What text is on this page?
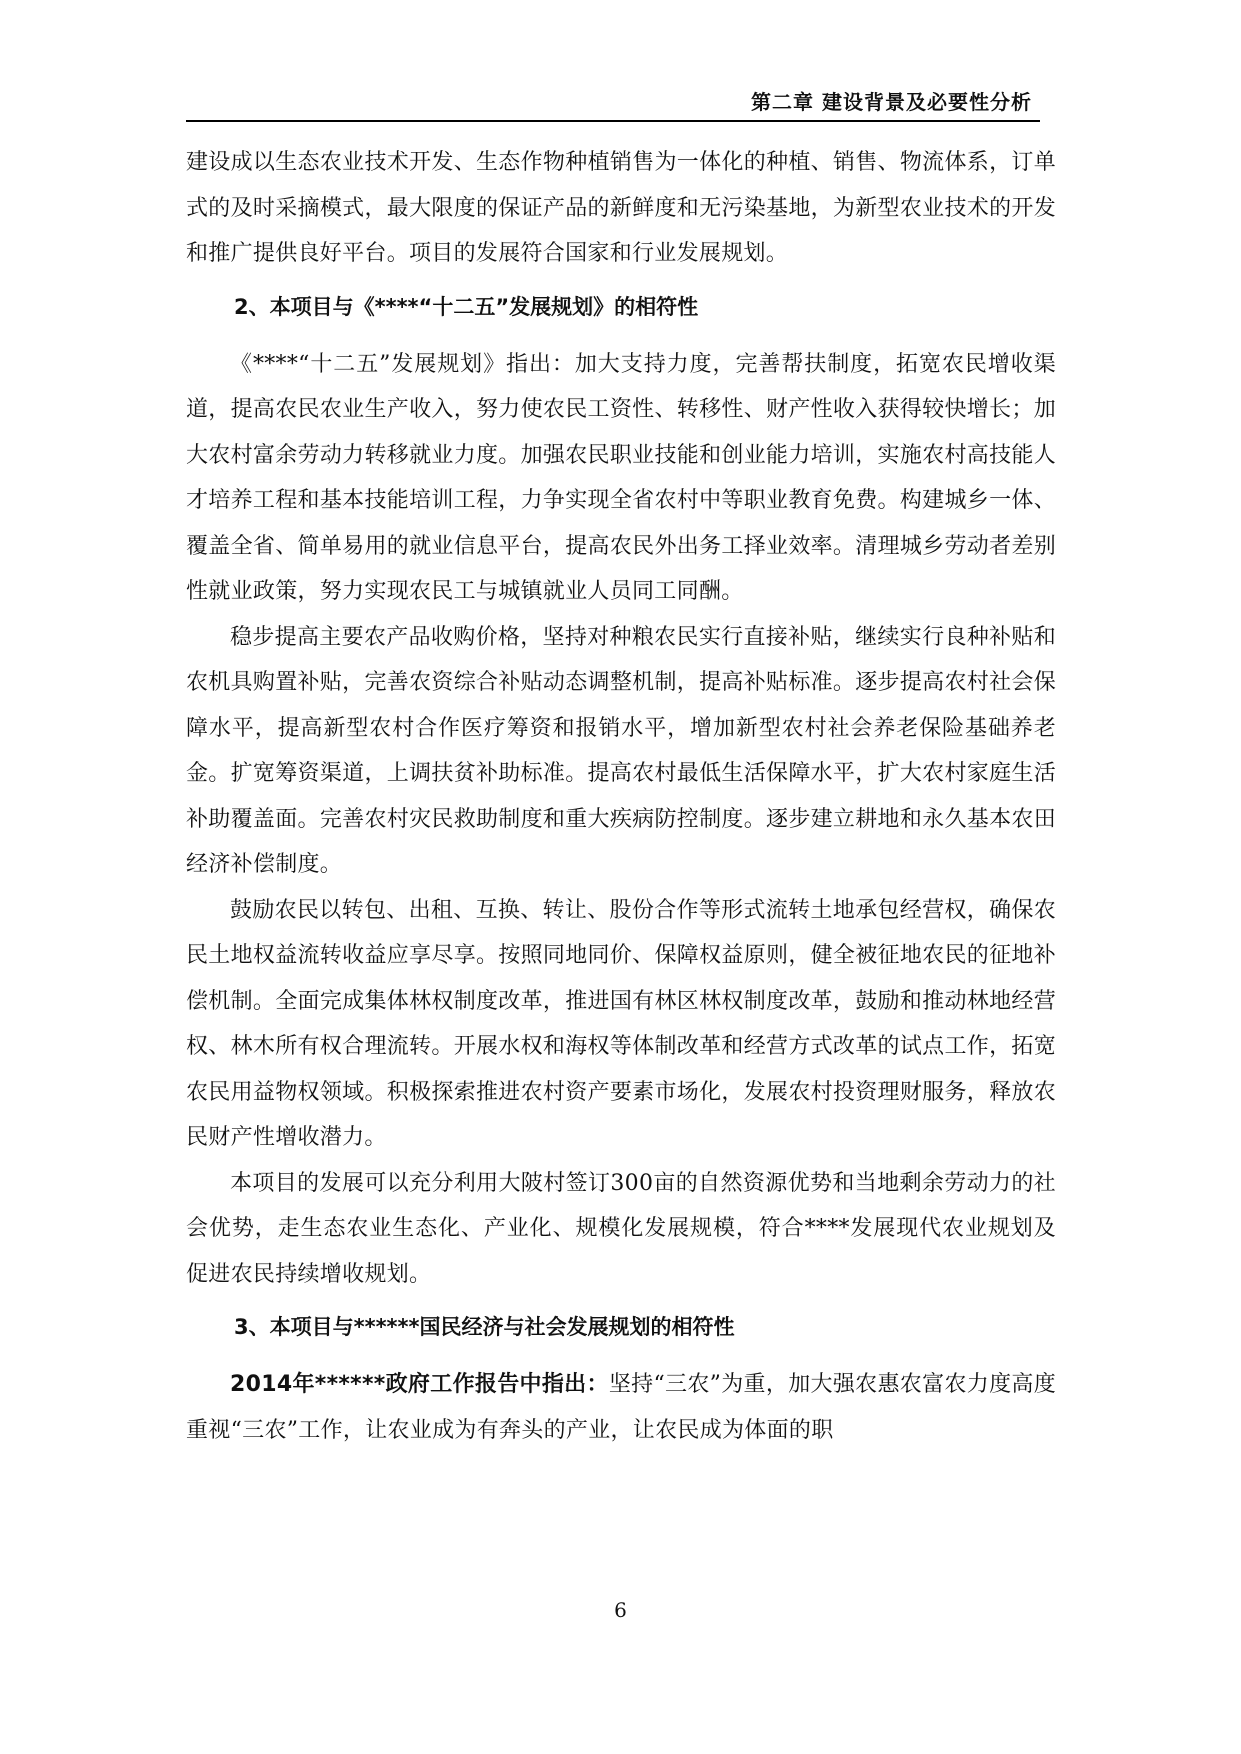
第二章 建设背景及必要性分析

建设成以生态农业技术开发、生态作物种植销售为一体化的种植、销售、物流体系，订单式的及时采摘模式，最大限度的保证产品的新鲜度和无污染基地，为新型农业技术的开发和推广提供良好平台。项目的发展符合国家和行业发展规划。

2、本项目与《****“十二五”发展规划》的相符性

《****“十二五”发展规划》指出：加大支持力度，完善帮扶制度，拓宽农民增收渠道，提高农民农业生产收入，努力使农民工资性、转移性、财产性收入获得较快增长；加大农村富余劳动力转移就业力度。加强农民职业技能和创业能力培训，实施农村高技能人才培养工程和基本技能培训工程，力争实现全省农村中等职业教育免费。构建城乡一体、覆盖全省、简单易用的就业信息平台，提高农民外出务工择业效率。清理城乡劳动者差别性就业政策，努力实现农民工与城镇就业人员同工同酬。

稳步提高主要农产品收购价格，坚持对种粮农民实行直接补贴，继续实行良种补贴和农机具购置补贴，完善农资综合补贴动态调整机制，提高补贴标准。逐步提高农村社会保障水平，提高新型农村合作医疗筹资和报销水平，增加新型农村社会养老保险基础养老金。扩宽筹资渠道，上调扶贫补助标准。提高农村最低生活保障水平，扩大农村家庭生活补助覆盖面。完善农村灾民救助制度和重大疾病防控制度。逐步建立耕地和永久基本农田经济补偿制度。

鼓励农民以转包、出租、互换、转让、股份合作等形式流转土地承包经营权，确保农民土地权益流转收益应享尽享。按照同地同价、保障权益原则，健全被征地农民的征地补偿机制。全面完成集体林权制度改革，推进国有林区林权制度改革，鼓励和推动林地经营权、林木所有权合理流转。开展水权和海权等体制改革和经营方式改革的试点工作，拓宽农民用益物权领域。积极探索推进农村资产要素市场化，发展农村投资理财服务，释放农民财产性增收潜力。

本项目的发展可以充分利用大陂村签订300亩的自然资源优势和当地剩余劳动力的社会优势，走生态农业生态化、产业化、规模化发展规模，符合****发展现代农业规划及促进农民持续增收规划。

3、本项目与******国民经济与社会发展规划的相符性

2014年******政府工作报告中指出：坚持“三农”为重，加大强农惠农富农力度高度重视“三农”工作，让农业成为有奔头的产业，让农民成为体面的职

6
